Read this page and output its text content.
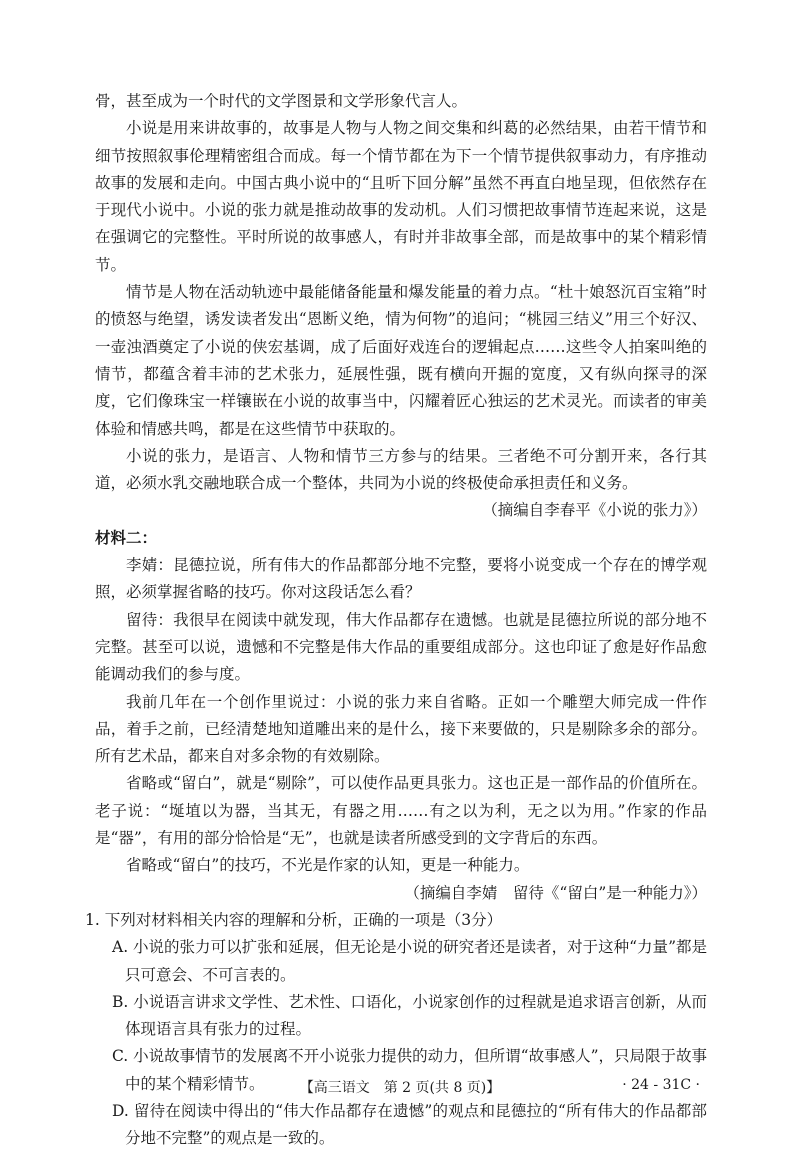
骨，甚至成为一个时代的文学图景和文学形象代言人。

小说是用来讲故事的，故事是人物与人物之间交集和纠葛的必然结果，由若干情节和细节按照叙事伦理精密组合而成。每一个情节都在为下一个情节提供叙事动力，有序推动故事的发展和走向。中国古典小说中的“且听下回分解”虽然不再直白地呈现，但依然存在于现代小说中。小说的张力就是推动故事的发动机。人们习惯把故事情节连起来说，这是在强调它的完整性。平时所说的故事感人，有时并非故事全部，而是故事中的某个精彩情节。

情节是人物在活动轨迹中最能储备能量和爆发能量的着力点。“杜十娘怒沉百宝箱”时的愤怒与绝望，诱发读者发出“恩断义绝，情为何物”的追问；“桃园三结义”用三个好汉、一壶浊酒奠定了小说的侠宏基调，成了后面好戏连台的逻辑起点……这些令人拍案叫绝的情节，都蕴含着丰沛的艺术张力，延展性强，既有横向开掘的宽度，又有纵向探寻的深度，它们像珠宝一样镶嵌在小说的故事当中，闪耀着匠心独运的艺术灵光。而读者的审美体验和情感共鸣，都是在这些情节中获取的。

小说的张力，是语言、人物和情节三方参与的结果。三者绝不可分割开来，各行其道，必须水乳交融地联合成一个整体，共同为小说的终极使命承担责任和义务。

（摘编自李春平《小说的张力》）

材料二：

李婧：昆德拉说，所有伟大的作品都部分地不完整，要将小说变成一个存在的博学观照，必须掌握省略的技巧。你对这段话怎么看？

留待：我很早在阅读中就发现，伟大作品都存在遗憾。也就是昆德拉所说的部分地不完整。甚至可以说，遗憾和不完整是伟大作品的重要组成部分。这也印证了愈是好作品愈能调动我们的参与度。

我前几年在一个创作里说过：小说的张力来自省略。正如一个雕塑大师完成一件作品，着手之前，已经清楚地知道雕出来的是什么，接下来要做的，只是剔除多余的部分。所有艺术品，都来自对多余物的有效剔除。

省略或“留白”，就是“剔除”，可以使作品更具张力。这也正是一部作品的价值所在。老子说：“埏埴以为器，当其无，有器之用……有之以为利，无之以为用。”作家的作品是“器”，有用的部分恰恰是“无”，也就是读者所感受到的文字背后的东西。

省略或“留白”的技巧，不光是作家的认知，更是一种能力。

（摘编自李婧　留待《“留白”是一种能力》）

1. 下列对材料相关内容的理解和分析，正确的一项是（3分）

A. 小说的张力可以扩张和延展，但无论是小说的研究者还是读者，对于这种“力量”都是只可意会、不可言表的。

B. 小说语言讲求文学性、艺术性、口语化，小说家创作的过程就是追求语言创新，从而体现语言具有张力的过程。

C. 小说故事情节的发展离不开小说张力提供的动力，但所谓“故事感人”，只局限于故事中的某个精彩情节。

D. 留待在阅读中得出的“伟大作品都存在遗憾”的观点和昆德拉的“所有伟大的作品都部分地不完整”的观点是一致的。

【高三语文　第 2 页(共 8 页)】	· 24 - 31C ·
